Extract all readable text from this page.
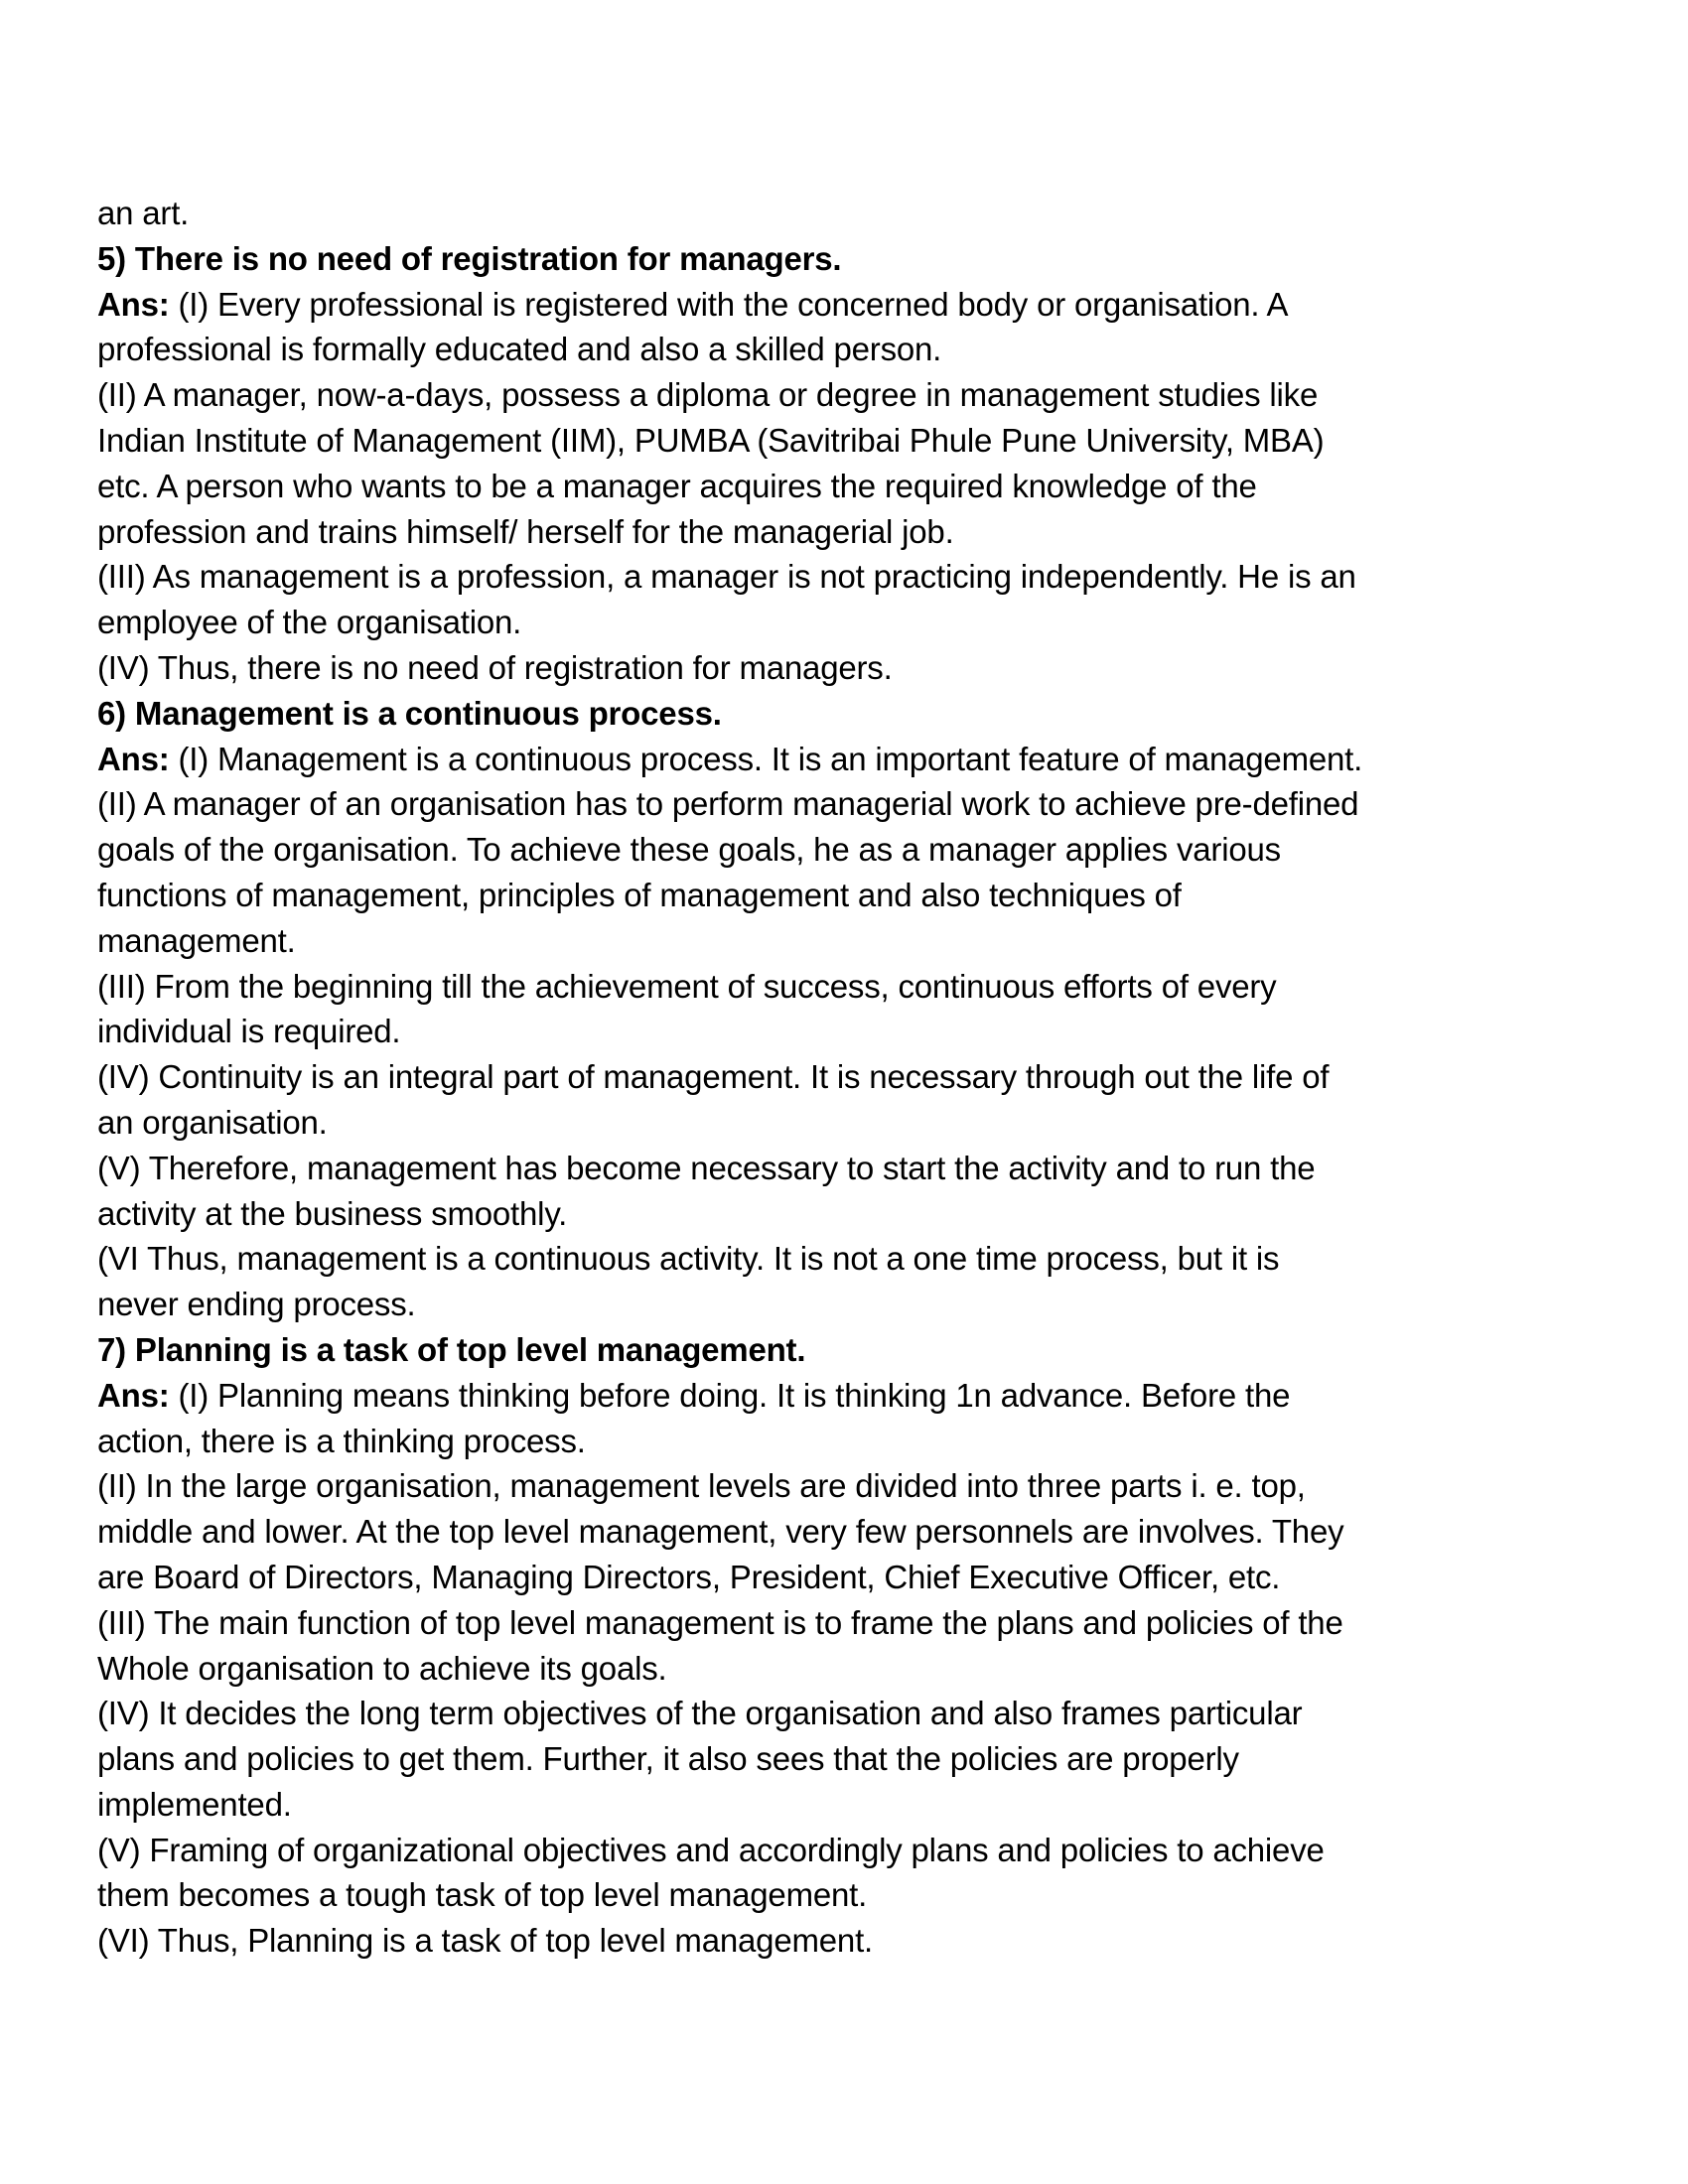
an art.
5) There is no need of registration for managers.
Ans: (I) Every professional is registered with the concerned body or organisation. A
professional is formally educated and also a skilled person.
(II) A manager, now-a-days, possess a diploma or degree in management studies like
Indian Institute of Management (IIM), PUMBA (Savitribai Phule Pune University, MBA)
etc. A person who wants to be a manager acquires the required knowledge of the
profession and trains himself/ herself for the managerial job.
(III) As management is a profession, a manager is not practicing independently. He is an
employee of the organisation.
(IV) Thus, there is no need of registration for managers.
6) Management is a continuous process.
Ans: (I) Management is a continuous process. It is an important feature of management.
(II) A manager of an organisation has to perform managerial work to achieve pre-defined
goals of the organisation. To achieve these goals, he as a manager applies various
functions of management, principles of management and also techniques of
management.
(III) From the beginning till the achievement of success, continuous efforts of every
individual is required.
(IV) Continuity is an integral part of management. It is necessary through out the life of
an organisation.
(V) Therefore, management has become necessary to start the activity and to run the
activity at the business smoothly.
(VI Thus, management is a continuous activity. It is not a one time process, but it is
never ending process.
7) Planning is a task of top level management.
Ans: (I) Planning means thinking before doing. It is thinking 1n advance. Before the
action, there is a thinking process.
(II) In the large organisation, management levels are divided into three parts i. e. top,
middle and lower. At the top level management, very few personnels are involves. They
are Board of Directors, Managing Directors, President, Chief Executive Officer, etc.
(III) The main function of top level management is to frame the plans and policies of the
Whole organisation to achieve its goals.
(IV) It decides the long term objectives of the organisation and also frames particular
plans and policies to get them. Further, it also sees that the policies are properly
implemented.
(V) Framing of organizational objectives and accordingly plans and policies to achieve
them becomes a tough task of top level management.
(VI) Thus, Planning is a task of top level management.
